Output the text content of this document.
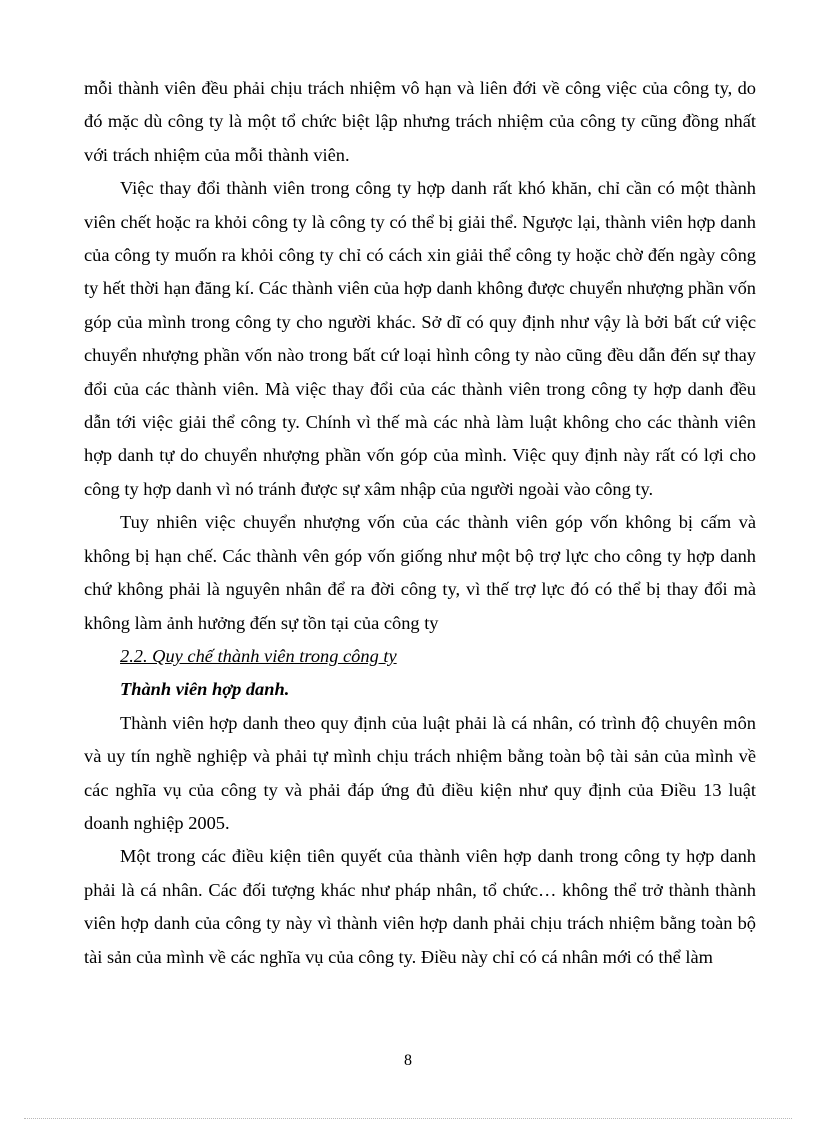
mỗi thành viên đều phải chịu trách nhiệm vô hạn và liên đới về công việc của công ty, do đó mặc dù công ty là một tổ chức biệt lập nhưng trách nhiệm của công ty cũng đồng nhất với trách nhiệm của mỗi thành viên.

Việc thay đổi thành viên trong công ty hợp danh rất khó khăn, chỉ cần có một thành viên chết hoặc ra khỏi công ty là công ty có thể bị giải thể. Ngược lại, thành viên hợp danh của công ty muốn ra khỏi công ty chỉ có cách xin giải thể công ty hoặc chờ đến ngày công ty hết thời hạn đăng kí. Các thành viên của hợp danh không được chuyển nhượng phần vốn góp của mình trong công ty cho người khác. Sở dĩ có quy định như vậy là bởi bất cứ việc chuyển nhượng phần vốn nào trong bất cứ loại hình công ty nào cũng đều dẫn đến sự thay đổi của các thành viên. Mà việc thay đổi của các thành viên trong công ty hợp danh đều dẫn tới việc giải thể công ty. Chính vì thế mà các nhà làm luật không cho các thành viên hợp danh tự do chuyển nhượng phần vốn góp của mình. Việc quy định này rất có lợi cho công ty hợp danh vì nó tránh được sự xâm nhập của người ngoài vào công ty.

Tuy nhiên việc chuyển nhượng vốn của các thành viên góp vốn không bị cấm và không bị hạn chế. Các thành vên góp vốn giống như một bộ trợ lực cho công ty hợp danh chứ không phải là nguyên nhân để ra đời công ty, vì thế trợ lực đó có thể bị thay đổi mà không làm ảnh hưởng đến sự tồn tại của công ty

2.2. Quy chế thành viên trong công ty

Thành viên hợp danh.

Thành viên hợp danh theo quy định của luật phải là cá nhân, có trình độ chuyên môn và uy tín nghề nghiệp và phải tự mình chịu trách nhiệm bằng toàn bộ tài sản của mình về các nghĩa vụ của công ty và phải đáp ứng đủ điều kiện như quy định của Điều 13 luật doanh nghiệp 2005.

Một trong các điều kiện tiên quyết của thành viên hợp danh trong công ty hợp danh phải là cá nhân. Các đối tượng khác như pháp nhân, tổ chức… không thể trở thành thành viên hợp danh của công ty này vì thành viên hợp danh phải chịu trách nhiệm bằng toàn bộ tài sản của mình về các nghĩa vụ của công ty. Điều này chỉ có cá nhân mới có thể làm

8
